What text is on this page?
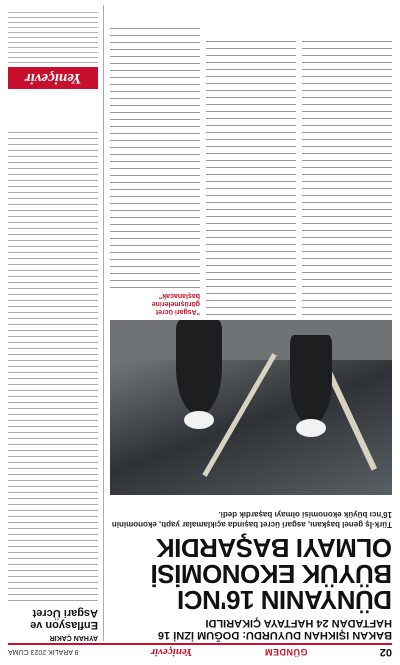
02
GÜNDEM
Yeniçevir
8 ARALIK 2023 CUMA
BAKAN IŞIKHAN DUYURDU: DOĞUM İZNİ 16 HAFTADAN 24 HAFTAYA ÇIKARILDI
DÜNYANIN 16'NCI BÜYÜK EKONOMİSİ OLMAYI BAŞARDIK
Türk-İş genel başkanı, asgari ücret başında açıklamalar yaptı, ekonominin 16'ncı büyük ekonomisi olmayı başardık dedi.
"Asgari ücret görüşmelerine başlanacak"
AYHAN ÇAKIR
Enflasyon ve Asgari Ücret
Yeniçevir
